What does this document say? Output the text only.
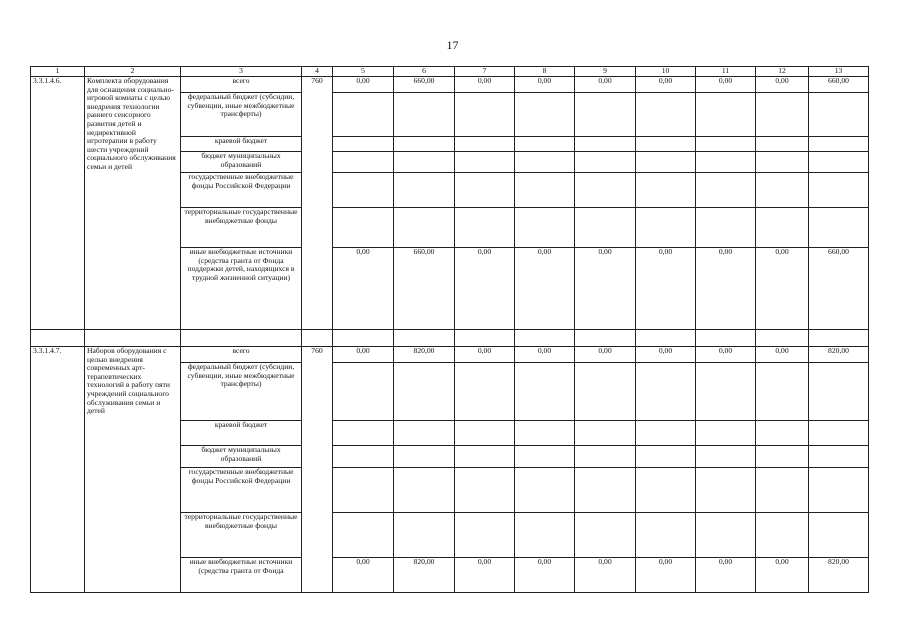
17
1	2	3	4	5	6	7	8	9	10	11	12	13
3.3.1.4.6.	Комплекта оборудования для оснащения социально-игровой комнаты с целью внедрения технологии раннего сенсорного развития детей и недирективной игротерапии в работу шести учреждений социального обслуживания семьи и детей	всего	760	0,00	660,00	0,00	0,00	0,00	0,00	0,00	0,00	660,00
		федеральный бюджет (субсидии, субвенции, иные межбюджетные трансферты)										
		краевой бюджет										
		бюджет муниципальных образований										
		государственные внебюджетные фонды Российской Федерации										
		территориальные государственные внебюджетные фонды										
		иные внебюджетные источники (средства гранта от Фонда поддержки детей, находящихся в трудной жизненной ситуации)		0,00	660,00	0,00	0,00	0,00	0,00	0,00	0,00	660,00

3.3.1.4.7.	Наборов оборудования с целью внедрения современных арт-терапевтических технологий в работу пяти учреждений социального обслуживания семьи и детей	всего	760	0,00	820,00	0,00	0,00	0,00	0,00	0,00	0,00	820,00
		федеральный бюджет (субсидии, субвенции, иные межбюджетные трансферты)										
		краевой бюджет										
		бюджет муниципальных образований										
		государственные внебюджетные фонды Российской Федерации										
		территориальные государственные внебюджетные фонды										
		иные внебюджетные источники (средства гранта от Фонда		0,00	820,00	0,00	0,00	0,00	0,00	0,00	0,00	820,00
